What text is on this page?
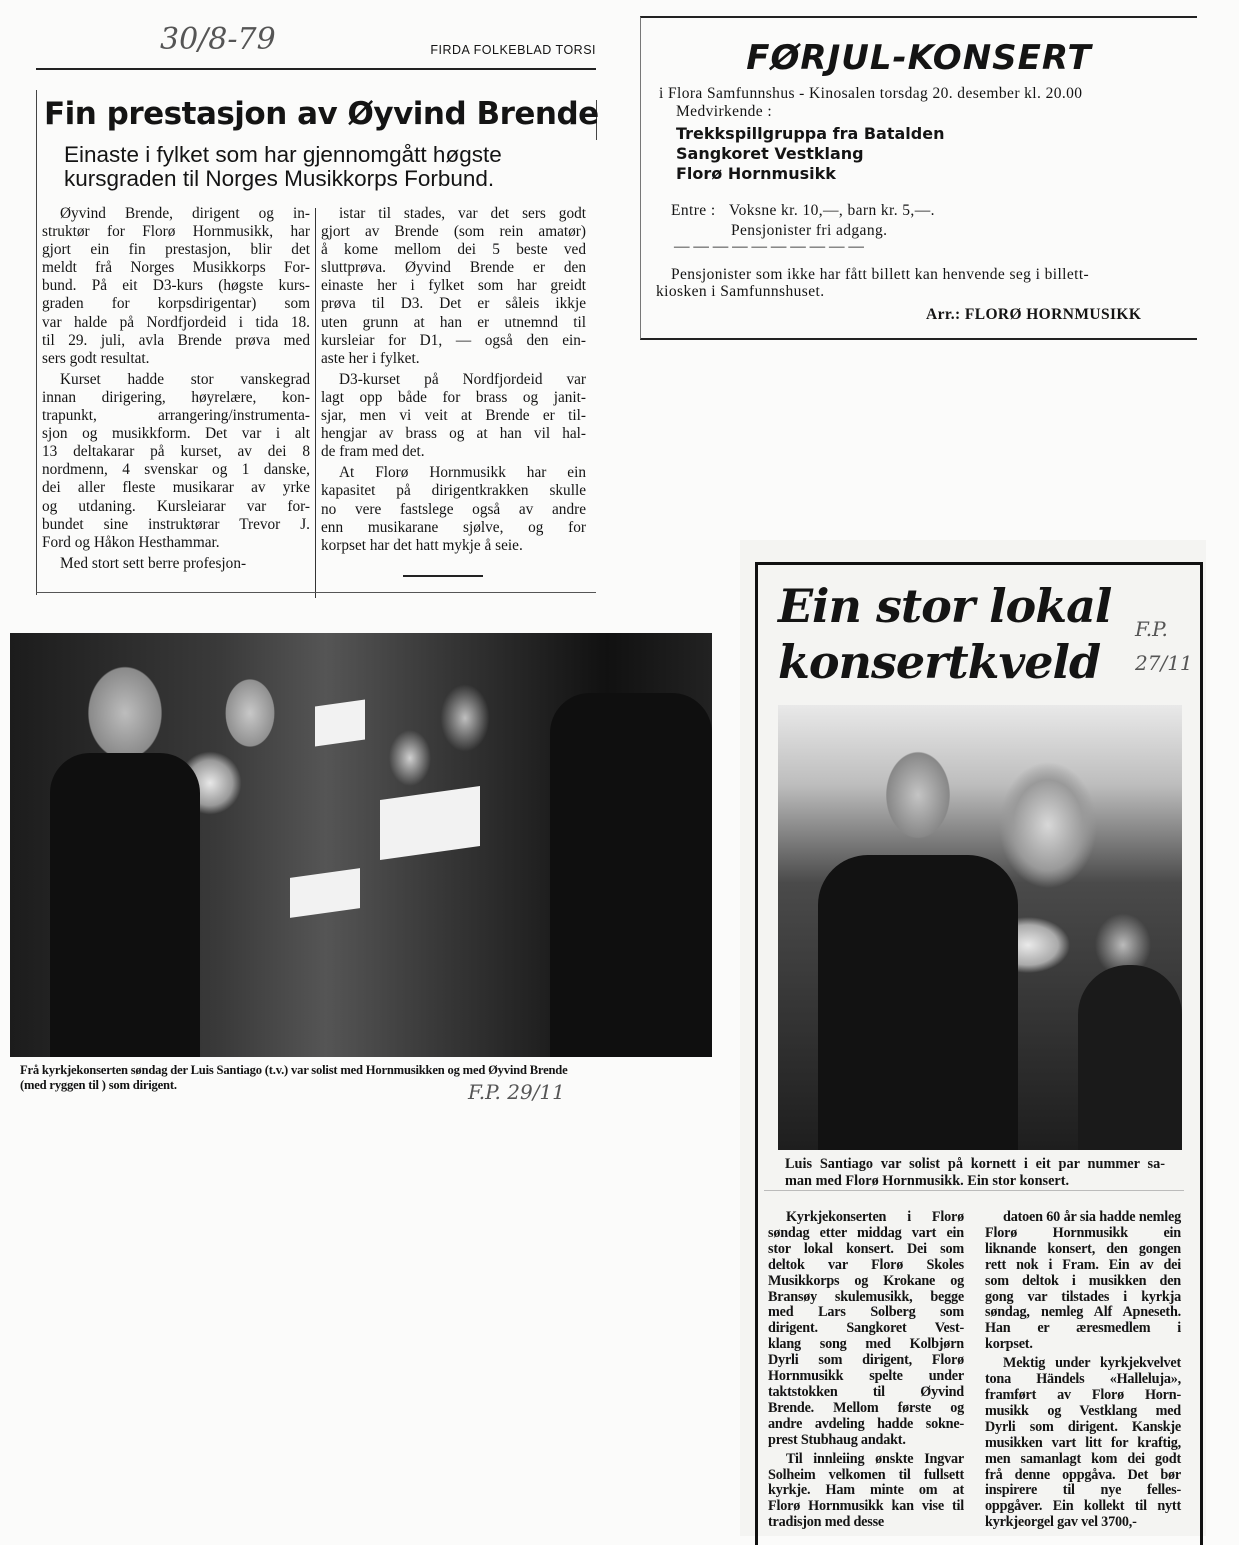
FIRDA FOLKEBLAD TORSI
Fin prestasjon av Øyvind Brende
Einaste i fylket som har gjennomgått høgste
kursgraden til Norges Musikkorps Forbund.
Øyvind Brende, dirigent og in-
struktør for Florø Hornmusikk, har
gjort ein fin prestasjon, blir det
meldt frå Norges Musikkorps For-
bund. På eit D3-kurs (høgste kurs-
graden for korpsdirigentar) som
var halde på Nordfjordeid i tida 18.
til 29. juli, avla Brende prøva med
sers godt resultat.
Kurset hadde stor vanskegrad
innan dirigering, høyrelære, kon-
trapunkt, arrangering/instrumenta-
sjon og musikkform. Det var i alt
13 deltakarar på kurset, av dei 8
nordmenn, 4 svenskar og 1 danske,
dei aller fleste musikarar av yrke
og utdaning. Kursleiarar var for-
bundet sine instruktørar Trevor J.
Ford og Håkon Hesthammar.
Med stort sett berre profesjon-
istar til stades, var det sers godt
gjort av Brende (som rein amatør)
å kome mellom dei 5 beste ved
sluttprøva. Øyvind Brende er den
einaste her i fylket som har greidt
prøva til D3. Det er såleis ikkje
uten grunn at han er utnemnd til
kursleiar for D1, — også den ein-
aste her i fylket.
D3-kurset på Nordfjordeid var
lagt opp både for brass og janit-
sjar, men vi veit at Brende er til-
hengjar av brass og at han vil hal-
de fram med det.
At Florø Hornmusikk har ein
kapasitet på dirigentkrakken skulle
no vere fastslege også av andre
enn musikarane sjølve, og for
korpset har det hatt mykje å seie.
FØRJUL-KONSERT
i Flora Samfunnshus - Kinosalen torsdag 20. desember kl. 20.00
Medvirkende :
Trekkspillgruppa fra Batalden
Sangkoret Vestklang
Florø Hornmusikk
Entre : Voksne kr. 10,—, barn kr. 5,—.
Pensjonister fri adgang.
— — — — — — — — — —
Pensjonister som ikke har fått billett kan henvende seg i billett-
kiosken i Samfunnshuset.
Arr.: FLORØ HORNMUSIKK
Frå kyrkjekonserten søndag der Luis Santiago (t.v.) var solist med Hornmusikken og med Øyvind Brende
(med ryggen til ) som dirigent.
Ein stor lokal
konsertkveld
Luis Santiago var solist på kornett i eit par nummer sa-
man med Florø Hornmusikk. Ein stor konsert.
Kyrkjekonserten i Florø
søndag etter middag vart ein
stor lokal konsert. Dei som
deltok var Florø Skoles
Musikkorps og Krokane og
Bransøy skulemusikk, begge
med Lars Solberg som
dirigent. Sangkoret Vest-
klang song med Kolbjørn
Dyrli som dirigent, Florø
Hornmusikk spelte under
taktstokken til Øyvind
Brende. Mellom første og
andre avdeling hadde sokne-
prest Stubhaug andakt.
Til innleiing ønskte Ingvar
Solheim velkomen til fullsett
kyrkje. Ham minte om at
Florø Hornmusikk kan vise til
tradisjon med desse
datoen 60 år sia hadde nemleg
Florø Hornmusikk ein
liknande konsert, den gongen
rett nok i Fram. Ein av dei
som deltok i musikken den
gong var tilstades i kyrkja
søndag, nemleg Alf Apneseth.
Han er æresmedlem i
korpset.
Mektig under kyrkjekvelvet
tona Händels «Halleluja»,
framført av Florø Horn-
musikk og Vestklang med
Dyrli som dirigent. Kanskje
musikken vart litt for kraftig,
men samanlagt kom dei godt
frå denne oppgåva. Det bør
inspirere til nye felles-
oppgåver. Ein kollekt til nytt
kyrkjeorgel gav vel 3700,-
30/8-79
F.P. 29/11
F.P. 27/11
